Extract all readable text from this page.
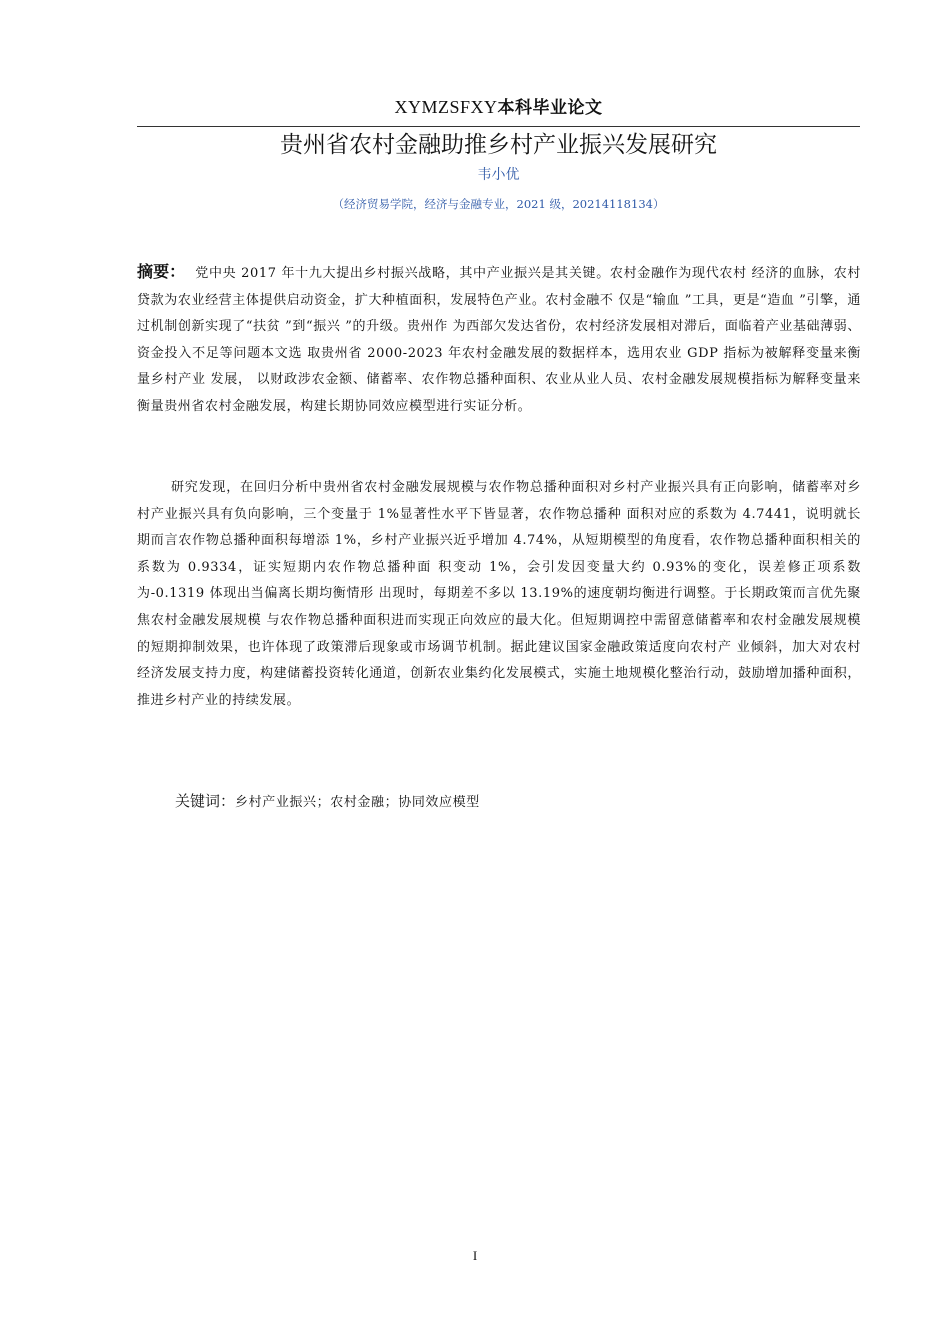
XYMZSFXY本科毕业论文
贵州省农村金融助推乡村产业振兴发展研究
韦小优
（经济贸易学院，经济与金融专业，2021 级，20214118134）
摘要： 党中央 2017 年十九大提出乡村振兴战略，其中产业振兴是其关键。农村金融作为现代农村 经济的血脉，农村贷款为农业经营主体提供启动资金，扩大种植面积，发展特色产业。农村金融不 仅是“输血 ”工具，更是“造血 ”引擎，通过机制创新实现了“扶贫 ”到“振兴 ”的升级。贵州作 为西部欠发达省份，农村经济发展相对滞后，面临着产业基础薄弱、资金投入不足等问题本文选 取贵州省 2000-2023 年农村金融发展的数据样本，选用农业 GDP 指标为被解释变量来衡量乡村产业 发展， 以财政涉农金额、储蓄率、农作物总播种面积、农业从业人员、农村金融发展规模指标为解释变量来衡量贵州省农村金融发展，构建长期协同效应模型进行实证分析。
研究发现，在回归分析中贵州省农村金融发展规模与农作物总播种面积对乡村产业振兴具有正向影响，储蓄率对乡村产业振兴具有负向影响，三个变量于 1%显著性水平下皆显著，农作物总播种 面积对应的系数为 4.7441，说明就长期而言农作物总播种面积每增添 1%，乡村产业振兴近乎增加 4.74%，从短期模型的角度看，农作物总播种面积相关的系数为 0.9334，证实短期内农作物总播种面 积变动 1%，会引发因变量大约 0.93%的变化，误差修正项系数为-0.1319 体现出当偏离长期均衡情形 出现时，每期差不多以 13.19%的速度朝均衡进行调整。于长期政策而言优先聚焦农村金融发展规模 与农作物总播种面积进而实现正向效应的最大化。但短期调控中需留意储蓄率和农村金融发展规模 的短期抑制效果，也许体现了政策滞后现象或市场调节机制。据此建议国家金融政策适度向农村产 业倾斜，加大对农村经济发展支持力度，构建储蓄投资转化通道，创新农业集约化发展模式，实施土地规模化整治行动，鼓励增加播种面积，推进乡村产业的持续发展。
关键词：乡村产业振兴；农村金融；协同效应模型
I
